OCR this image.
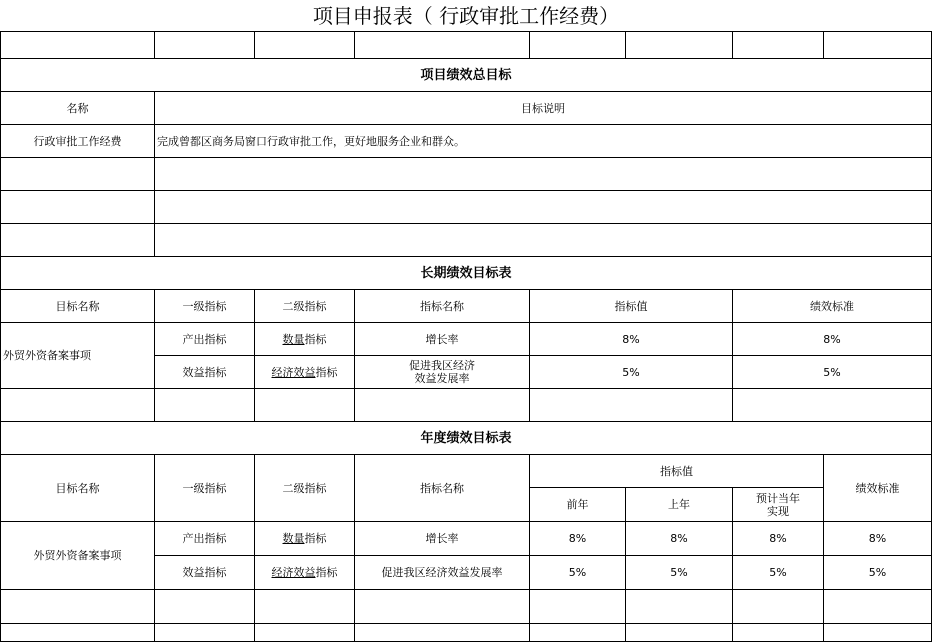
项目申报表（ 行政审批工作经费）

项目绩效总目标							
名称	目标说明						
行政审批工作经费	完成曾都区商务局窗口行政审批工作，更好地服务企业和群众。						

长期绩效目标表							
目标名称	一级指标	二级指标	指标名称	指标值		绩效标准	
外贸外资备案事项	产出指标	数量指标	增长率	8%		8%	
	效益指标	经济效益指标	促进我区经济
效益发展率	5%		5%	

年度绩效目标表							
目标名称	一级指标	二级指标	指标名称	指标值			绩效标准
				前年	上年	预计当年
实现	
外贸外资备案事项	产出指标	数量指标	增长率	8%	8%	8%	8%
	效益指标	经济效益指标	促进我区经济效益发展率	5%	5%	5%	5%
